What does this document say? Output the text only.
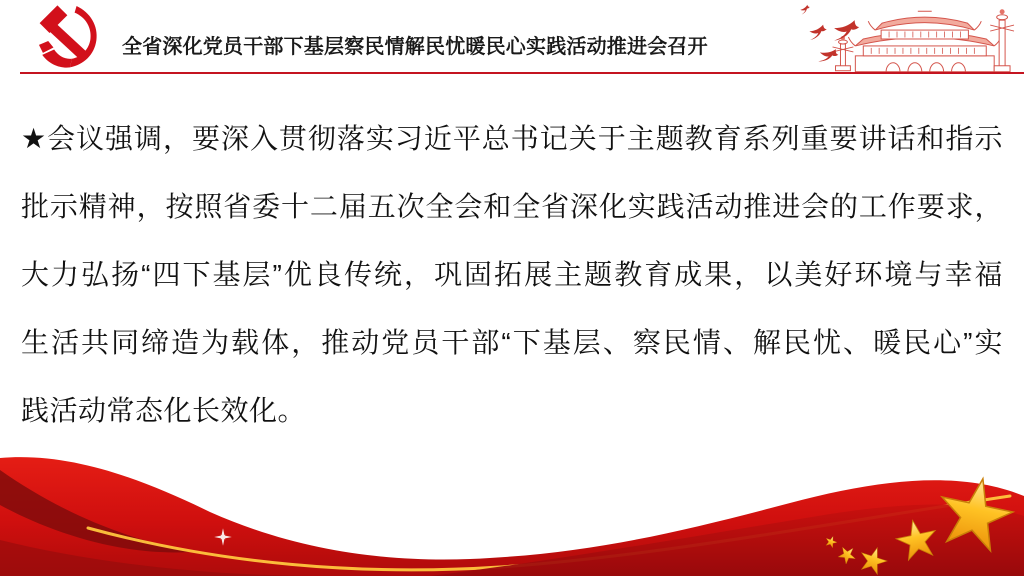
全省深化党员干部下基层察民情解民忧暖民心实践活动推进会召开
★会议强调，要深入贯彻落实习近平总书记关于主题教育系列重要讲话和指示
批示精神，按照省委十二届五次全会和全省深化实践活动推进会的工作要求，
大力弘扬“四下基层”优良传统，巩固拓展主题教育成果，以美好环境与幸福
生活共同缔造为载体，推动党员干部“下基层、察民情、解民忧、暖民心”实
践活动常态化长效化。
